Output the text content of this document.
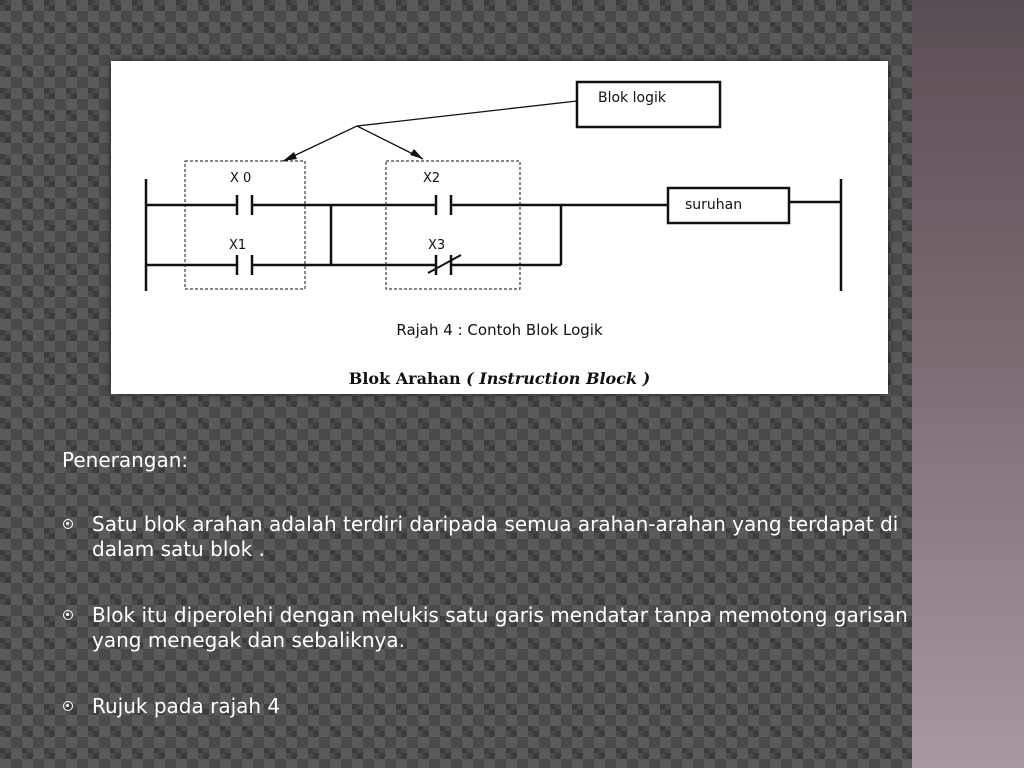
Blok logik
suruhan
X 0
X1
X2
X3
Rajah 4 : Contoh Blok Logik
Blok Arahan ( Instruction Block )

Penerangan:

Satu blok arahan adalah terdiri daripada semua arahan-arahan yang terdapat di dalam satu blok .
Blok itu diperolehi dengan melukis satu garis mendatar tanpa memotong garisan yang menegak dan sebaliknya.
Rujuk pada rajah 4
